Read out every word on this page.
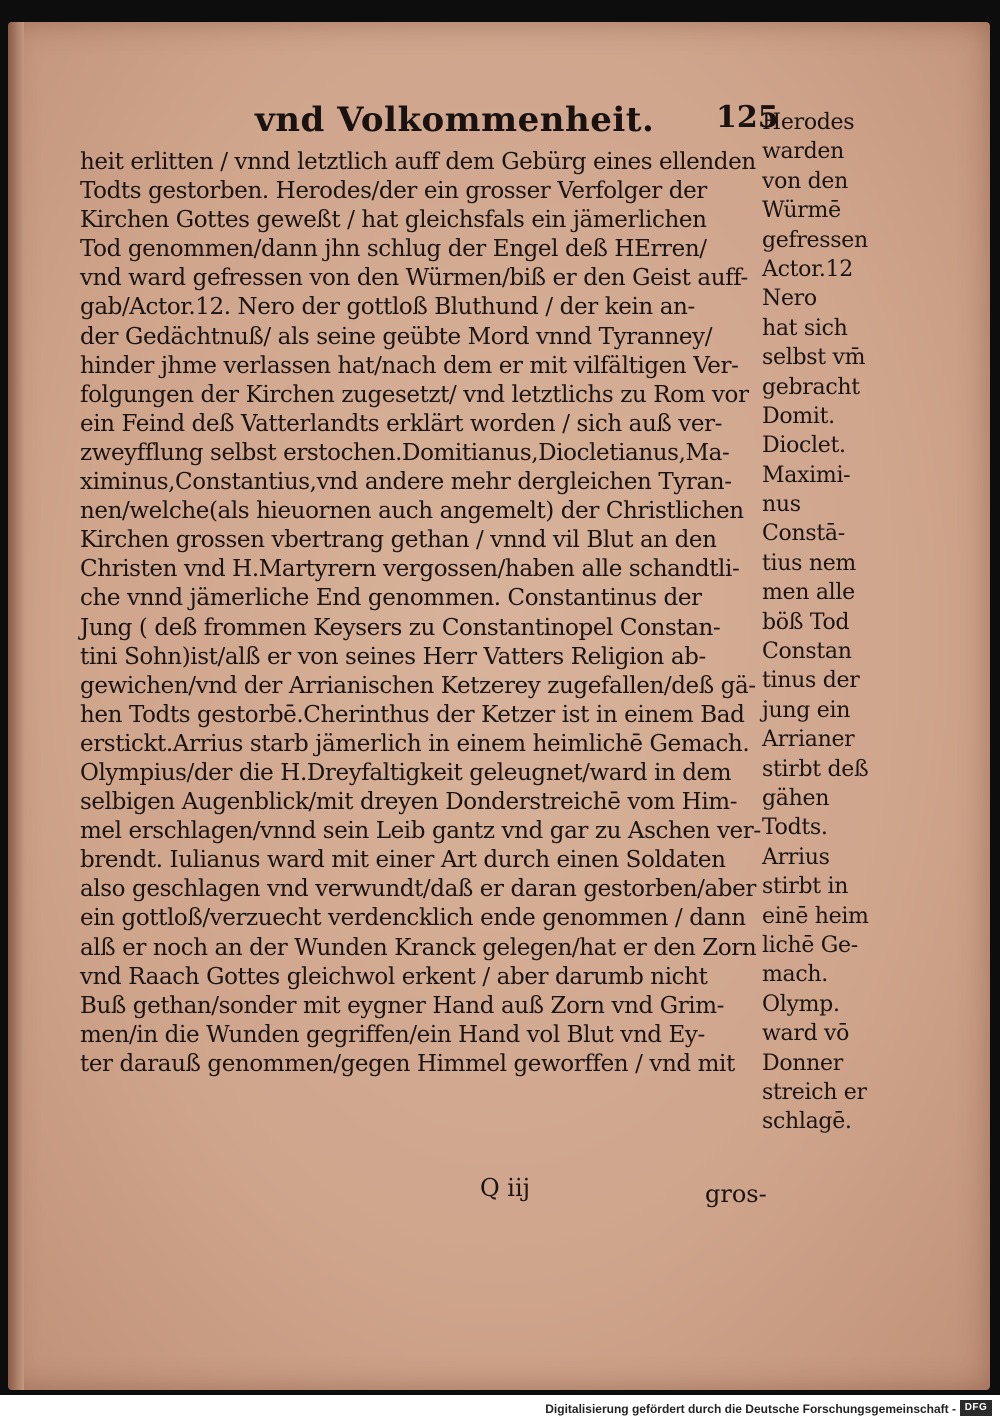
vnd Volkommenheit. 125
heit erlitten / vnnd letztlich auff dem Gebürg eines ellenden
Todts gestorben. Herodes/der ein grosser Verfolger der
Kirchen Gottes geweßt / hat gleichsfals ein jämerlichen
Tod genommen/dann jhn schlug der Engel deß HErren/
vnd ward gefressen von den Würmen/biß er den Geist auff-
gab/Actor.12. Nero der gottloß Bluthund / der kein an-
der Gedächtnuß/ als seine geübte Mord vnnd Tyranney/
hinder jhme verlassen hat/nach dem er mit vilfältigen Ver-
folgungen der Kirchen zugesetzt/ vnd letztlichs zu Rom vor
ein Feind deß Vatterlandts erklärt worden / sich auß ver-
zweyfflung selbst erstochen.Domitianus,Diocletianus,Ma-
ximinus,Constantius,vnd andere mehr dergleichen Tyran-
nen/welche(als hieuornen auch angemelt) der Christlichen
Kirchen grossen vbertrang gethan / vnnd vil Blut an den
Christen vnd H.Martyrern vergossen/haben alle schandtli-
che vnnd jämerliche End genommen. Constantinus der
Jung ( deß frommen Keysers zu Constantinopel Constan-
tini Sohn)ist/alß er von seines Herr Vatters Religion ab-
gewichen/vnd der Arrianischen Ketzerey zugefallen/deß gä-
hen Todts gestorbē.Cherinthus der Ketzer ist in einem Bad
erstickt.Arrius starb jämerlich in einem heimlichē Gemach.
Olympius/der die H.Dreyfaltigkeit geleugnet/ward in dem
selbigen Augenblick/mit dreyen Donderstreichē vom Him-
mel erschlagen/vnnd sein Leib gantz vnd gar zu Aschen ver-
brendt. Iulianus ward mit einer Art durch einen Soldaten
also geschlagen vnd verwundt/daß er daran gestorben/aber
ein gottloß/verzuecht verdencklich ende genommen / dann
alß er noch an der Wunden Kranck gelegen/hat er den Zorn
vnd Raach Gottes gleichwol erkent / aber darumb nicht
Buß gethan/sonder mit eygner Hand auß Zorn vnd Grim-
men/in die Wunden gegriffen/ein Hand vol Blut vnd Ey-
ter darauß genommen/gegen Himmel geworffen / vnd mit
Herodes
warden
von den
Würmē
gefressen
Actor.12
Nero
hat sich
selbst vm̄
gebracht
Domit.
Dioclet.
Maximi-
nus
Constā-
tius nem
men alle
böß Tod
Constan
tinus der
jung ein
Arrianer
stirbt deß
gähen
Todts.
Arrius
stirbt in
einē heim
lichē Ge-
mach.
Olymp.
ward vō
Donner
streich er
schlagē.
Q iij	gros-
Digitalisierung gefördert durch die Deutsche Forschungsgemeinschaft - DFG
